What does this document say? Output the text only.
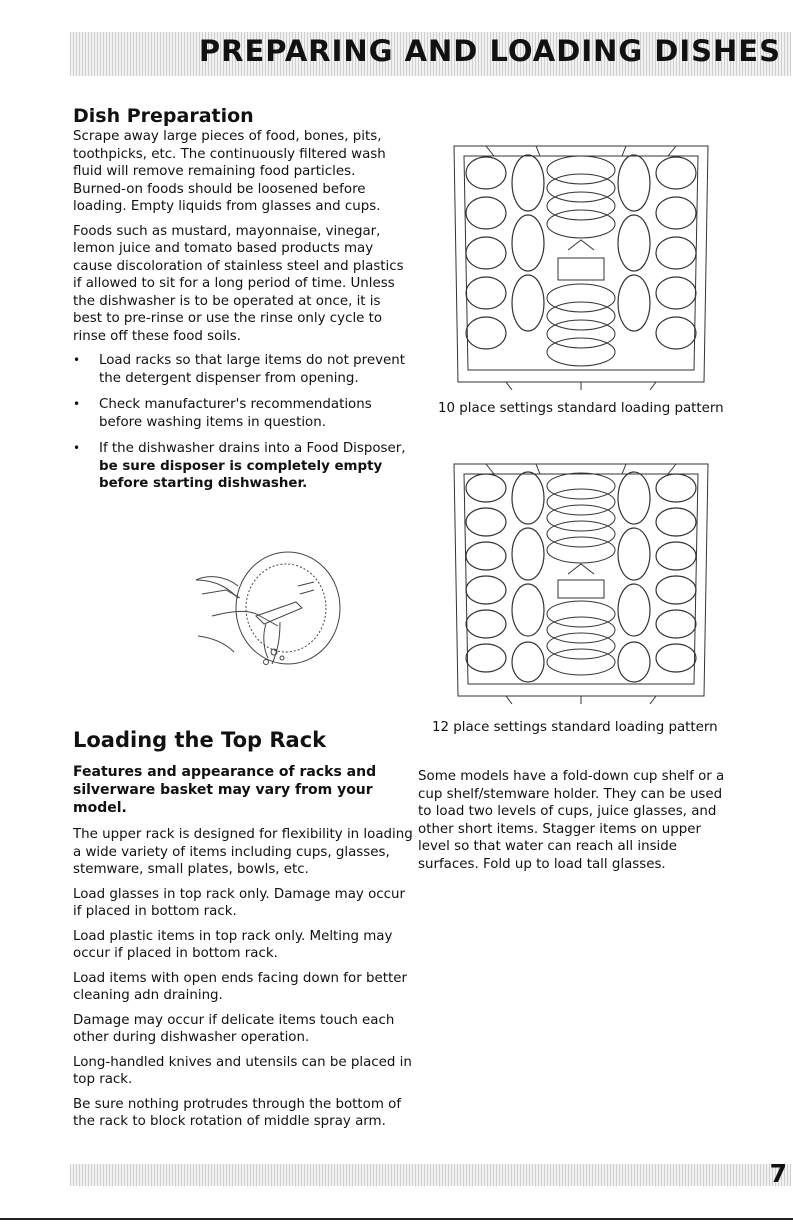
PREPARING AND LOADING DISHES
Dish Preparation

Scrape away large pieces of food, bones, pits, toothpicks, etc. The continuously filtered wash fluid will remove remaining food particles. Burned-on foods should be loosened before loading. Empty liquids from glasses and cups.

Foods such as mustard, mayonnaise, vinegar, lemon juice and tomato based products may cause discoloration of stainless steel and plastics if allowed to sit for a long period of time. Unless the dishwasher is to be operated at once, it is best to pre-rinse or use the rinse only cycle to rinse off these food soils.

• Load racks so that large items do not prevent the detergent dispenser from opening.
• Check manufacturer's recommendations before washing items in question.
• If the dishwasher drains into a Food Disposer, be sure disposer is completely empty before starting dishwasher.
10 place settings standard loading pattern
12 place settings standard loading pattern
Loading the Top Rack
Features and appearance of racks and silverware basket may vary from your model.

The upper rack is designed for flexibility in loading a wide variety of items including cups, glasses, stemware, small plates, bowls, etc.

Load glasses in top rack only. Damage may occur if placed in bottom rack.

Load plastic items in top rack only. Melting may occur if placed in bottom rack.

Load items with open ends facing down for better cleaning adn draining.

Damage may occur if delicate items touch each other during dishwasher operation.

Long-handled knives and utensils can be placed in top rack.

Be sure nothing protrudes through the bottom of the rack to block rotation of middle spray arm.

Some models have a fold-down cup shelf or a cup shelf/stemware holder. They can be used to load two levels of cups, juice glasses, and other short items. Stagger items on upper level so that water can reach all inside surfaces. Fold up to load tall glasses.

7
